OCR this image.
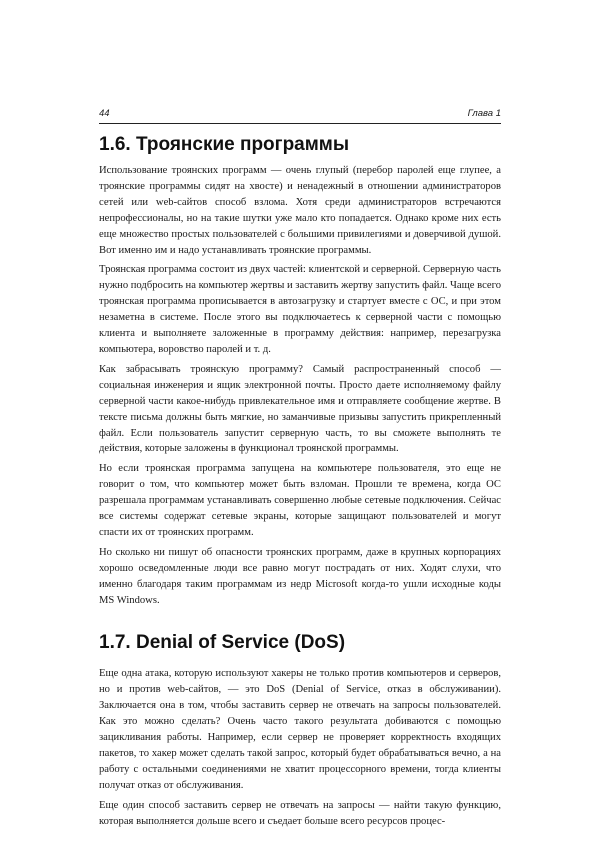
44	Глава 1
1.6. Троянские программы

Использование троянских программ — очень глупый (перебор паролей еще глупее, а троянские программы сидят на хвосте) и ненадежный в отношении администраторов сетей или web-сайтов способ взлома. Хотя среди администраторов встречаются непрофессионалы, но на такие шутки уже мало кто попадается. Однако кроме них есть еще множество простых пользователей с большими привилегиями и доверчивой душой. Вот именно им и надо устанавливать троянские программы.

Троянская программа состоит из двух частей: клиентской и серверной. Серверную часть нужно подбросить на компьютер жертвы и заставить жертву запустить файл. Чаще всего троянская программа прописывается в автозагрузку и стартует вместе с ОС, и при этом незаметна в системе. После этого вы подключаетесь к серверной части с помощью клиента и выполняете заложенные в программу действия: например, перезагрузка компьютера, воровство паролей и т. д.

Как забрасывать троянскую программу? Самый распространенный способ — социальная инженерия и ящик электронной почты. Просто даете исполняемому файлу серверной части какое-нибудь привлекательное имя и отправляете сообщение жертве. В тексте письма должны быть мягкие, но заманчивые призывы запустить прикрепленный файл. Если пользователь запустит серверную часть, то вы сможете выполнять те действия, которые заложены в функционал троянской программы.

Но если троянская программа запущена на компьютере пользователя, это еще не говорит о том, что компьютер может быть взломан. Прошли те времена, когда ОС разрешала программам устанавливать совершенно любые сетевые подключения. Сейчас все системы содержат сетевые экраны, которые защищают пользователей и могут спасти их от троянских программ.

Но сколько ни пишут об опасности троянских программ, даже в крупных корпорациях хорошо осведомленные люди все равно могут пострадать от них. Ходят слухи, что именно благодаря таким программам из недр Microsoft когда-то ушли исходные коды MS Windows.

1.7. Denial of Service (DoS)

Еще одна атака, которую используют хакеры не только против компьютеров и серверов, но и против web-сайтов, — это DoS (Denial of Service, отказ в обслуживании). Заключается она в том, чтобы заставить сервер не отвечать на запросы пользователей. Как это можно сделать? Очень часто такого результата добиваются с помощью зацикливания работы. Например, если сервер не проверяет корректность входящих пакетов, то хакер может сделать такой запрос, который будет обрабатываться вечно, а на работу с остальными соединениями не хватит процессорного времени, тогда клиенты получат отказ от обслуживания.

Еще один способ заставить сервер не отвечать на запросы — найти такую функцию, которая выполняется дольше всего и съедает больше всего ресурсов процес-
